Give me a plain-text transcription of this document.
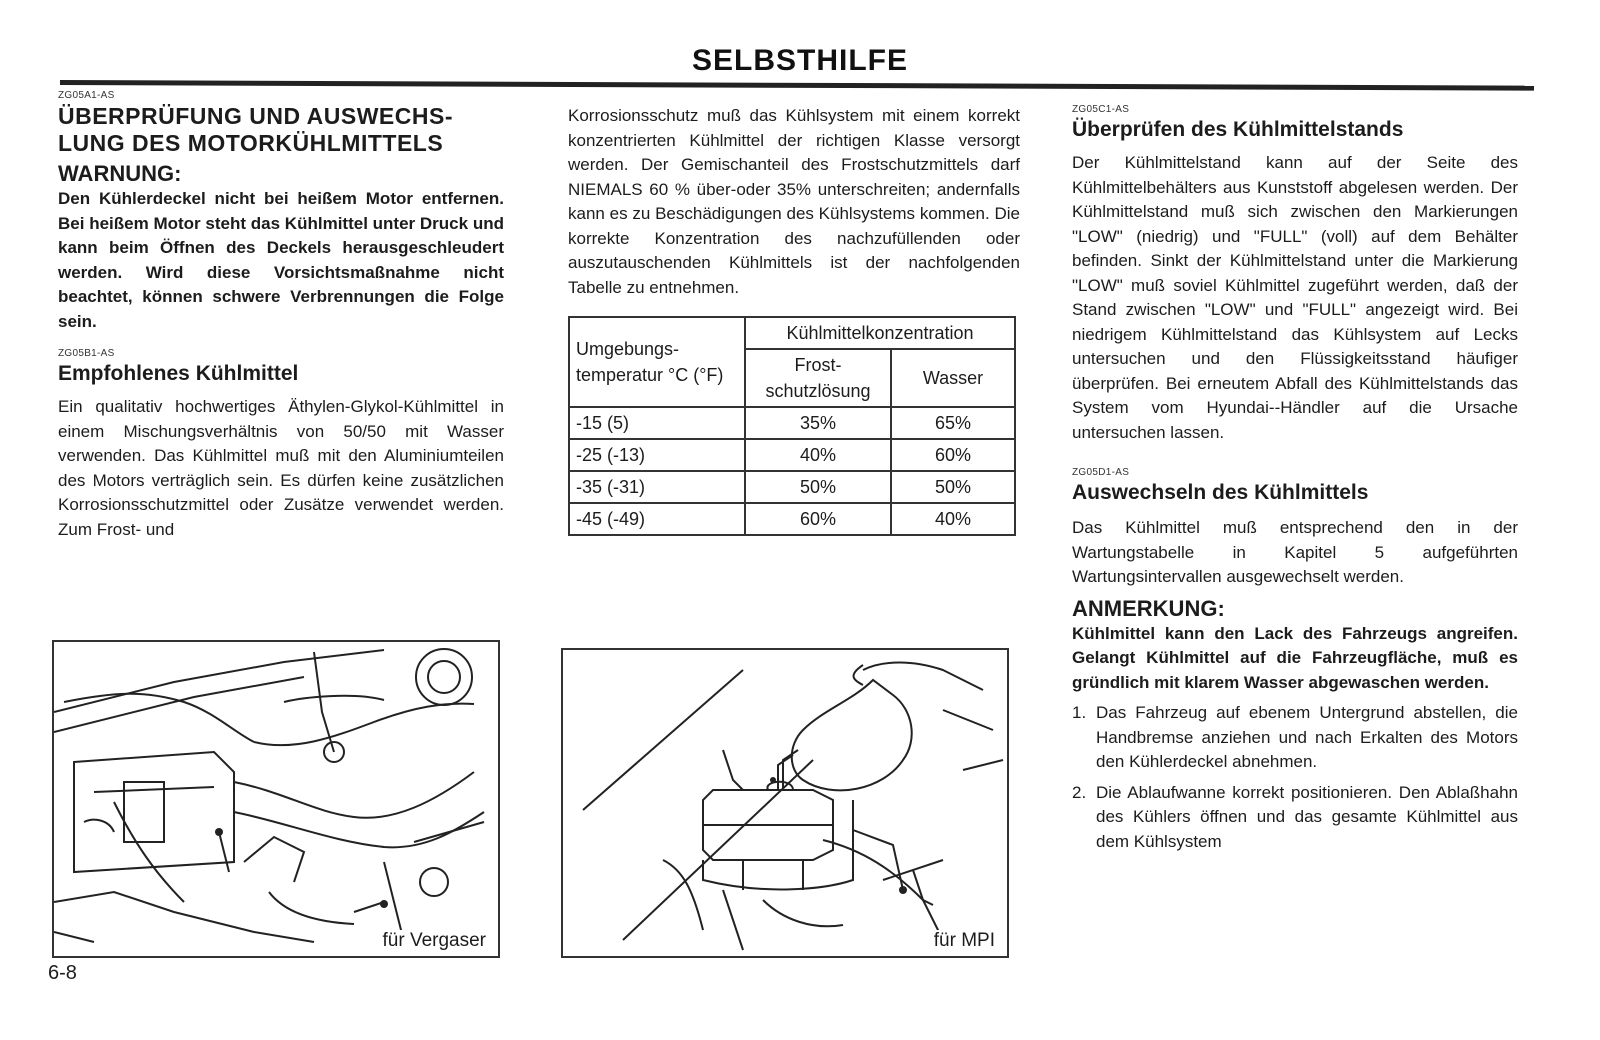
SELBSTHILFE
ZG05A1-AS
ÜBERPRÜFUNG UND AUSWECHS-LUNG DES MOTORKÜHLMITTELS
WARNUNG:
Den Kühlerdeckel nicht bei heißem Motor entfernen. Bei heißem Motor steht das Kühlmittel unter Druck und kann beim Öffnen des Deckels herausgeschleudert werden. Wird diese Vorsichtsmaßnahme nicht beachtet, können schwere Verbrennungen die Folge sein.
ZG05B1-AS
Empfohlenes Kühlmittel
Ein qualitativ hochwertiges Äthylen-Glykol-Kühlmittel in einem Mischungsverhältnis von 50/50 mit Wasser verwenden. Das Kühlmittel muß mit den Aluminiumteilen des Motors verträglich sein. Es dürfen keine zusätzlichen Korrosionsschutzmittel oder Zusätze verwendet werden. Zum Frost- und
für Vergaser
Korrosionsschutz muß das Kühlsystem mit einem korrekt konzentrierten Kühlmittel der richtigen Klasse versorgt werden. Der Gemischanteil des Frostschutzmittels darf NIEMALS 60 % über-oder 35% unterschreiten; andernfalls kann es zu Beschädigungen des Kühlsystems kommen. Die korrekte Konzentration des nachzufüllenden oder auszutauschenden Kühlmittels ist der nachfolgenden Tabelle zu entnehmen.
Umgebungs-temperatur °C (°F)	Kühlmittelkonzentration	
	Frost-schutzlösung	Wasser
-15 (5)	35%	65%
-25 (-13)	40%	60%
-35 (-31)	50%	50%
-45 (-49)	60%	40%
für MPI
ZG05C1-AS
Überprüfen des Kühlmittelstands
Der Kühlmittelstand kann auf der Seite des Kühlmittelbehälters aus Kunststoff abgelesen werden. Der Kühlmittelstand muß sich zwischen den Markierungen "LOW" (niedrig) und "FULL" (voll) auf dem Behälter befinden. Sinkt der Kühlmittelstand unter die Markierung "LOW" muß soviel Kühlmittel zugeführt werden, daß der Stand zwischen "LOW" und "FULL" angezeigt wird. Bei niedrigem Kühlmittelstand das Kühlsystem auf Lecks untersuchen und den Flüssigkeitsstand häufiger überprüfen. Bei erneutem Abfall des Kühlmittelstands das System vom Hyundai--Händler auf die Ursache untersuchen lassen.
ZG05D1-AS
Auswechseln des Kühlmittels
Das Kühlmittel muß entsprechend den in der Wartungstabelle in Kapitel 5 aufgeführten Wartungsintervallen ausgewechselt werden.
ANMERKUNG:
Kühlmittel kann den Lack des Fahrzeugs angreifen. Gelangt Kühlmittel auf die Fahrzeugfläche, muß es gründlich mit klarem Wasser abgewaschen werden.
1. Das Fahrzeug auf ebenem Untergrund abstellen, die Handbremse anziehen und nach Erkalten des Motors den Kühlerdeckel abnehmen.
2. Die Ablaufwanne korrekt positionieren. Den Ablaßhahn des Kühlers öffnen und das gesamte Kühlmittel aus dem Kühlsystem
6-8
